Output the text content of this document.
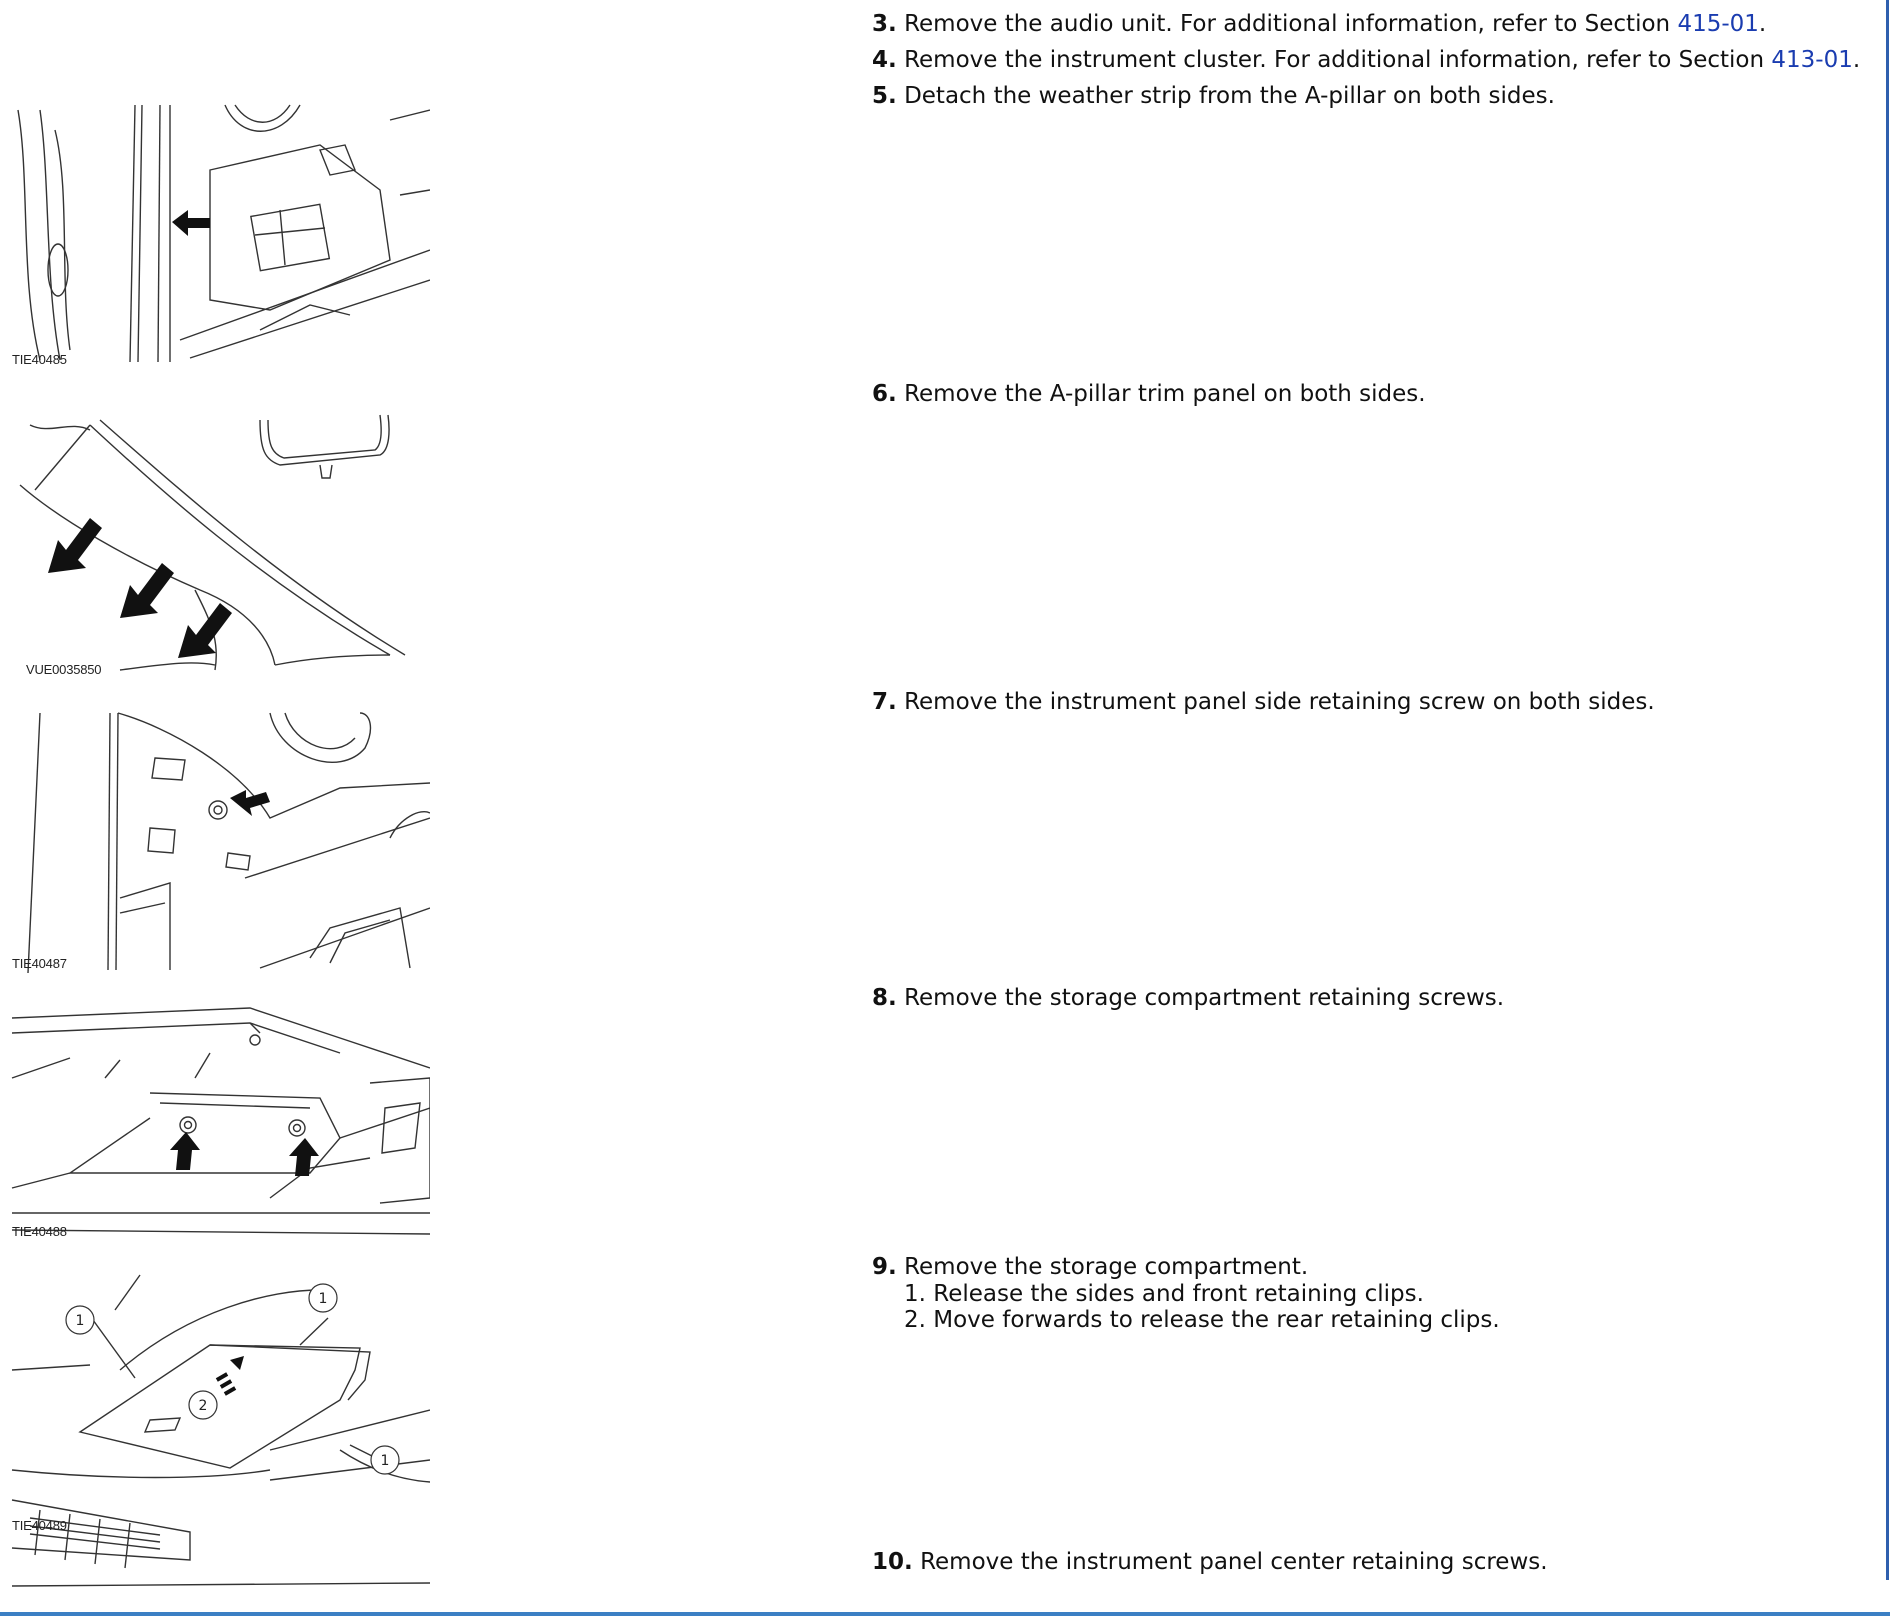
TIE40485
VUE0035850
TIE40487
TIE40488
1
1
2
1
TIE40489
3. Remove the audio unit. For additional information, refer to Section 415-01.
4. Remove the instrument cluster. For additional information, refer to Section 413-01.
5. Detach the weather strip from the A-pillar on both sides.
6. Remove the A-pillar trim panel on both sides.
7. Remove the instrument panel side retaining screw on both sides.
8. Remove the storage compartment retaining screws.
9. Remove the storage compartment.
1. Release the sides and front retaining clips.
2. Move forwards to release the rear retaining clips.
10. Remove the instrument panel center retaining screws.
